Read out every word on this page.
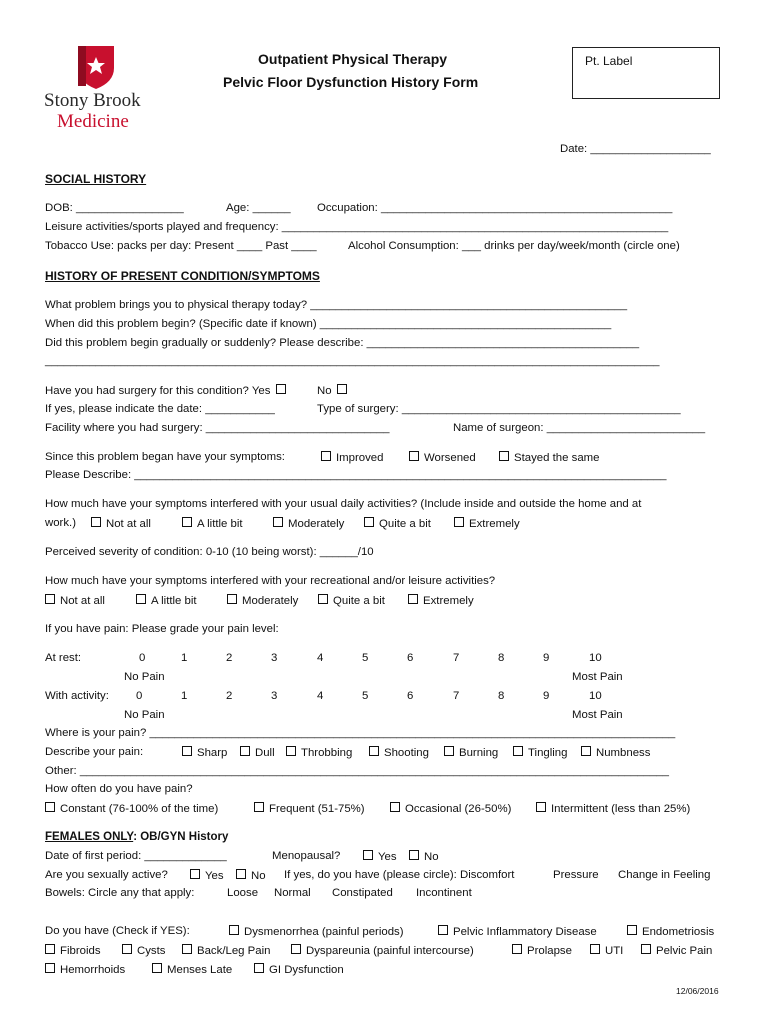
Stony Brook
Medicine
Outpatient Physical Therapy
Pelvic Floor Dysfunction History Form
Pt. Label
Date: ___________________
SOCIAL HISTORY
DOB: _________________	Age: ______ Occupation: ______________________________________________
Leisure activities/sports played and frequency: _____________________________________________________________
Tobacco Use: packs per day: Present ____ Past ____	Alcohol Consumption: ___ drinks per day/week/month (circle one)
HISTORY OF PRESENT CONDITION/SYMPTOMS
What problem brings you to physical therapy today? __________________________________________________
When did this problem begin? (Specific date if known) ______________________________________________
Did this problem begin gradually or suddenly? Please describe: ___________________________________________
_________________________________________________________________________________________________
Have you had surgery for this condition? Yes	No
If yes, please indicate the date: ___________	Type of surgery: ____________________________________________
Facility where you had surgery: _____________________________	Name of surgeon: _________________________
Since this problem began have your symptoms:	Improved	Worsened	Stayed the same
Please Describe: ____________________________________________________________________________________
How much have your symptoms interfered with your usual daily activities? (Include inside and outside the home and at
work.)	Not at all	A little bit	Moderately	Quite a bit	Extremely
Perceived severity of condition: 0-10 (10 being worst): ______/10
How much have your symptoms interfered with your recreational and/or leisure activities?
Not at all	A little bit	Moderately	Quite a bit	Extremely
If you have pain: Please grade your pain level:
At rest:	0	1	2	3	4	5	6	7	8	9	10
No Pain	Most Pain
With activity: 0	1	2	3	4	5	6	7	8	9	10
No Pain	Most Pain
Where is your pain? ___________________________________________________________________________________
Describe your pain:	Sharp	Dull	Throbbing	Shooting	Burning	Tingling	Numbness
Other: _____________________________________________________________________________________________
How often do you have pain?
Constant (76-100% of the time)	Frequent (51-75%)	Occasional (26-50%)	Intermittent (less than 25%)
FEMALES ONLY: OB/GYN History
Date of first period: _____________	Menopausal?	Yes	No
Are you sexually active?	Yes	No If yes, do you have (please circle): Discomfort	Pressure Change in Feeling
Bowels: Circle any that apply:	Loose Normal Constipated Incontinent
Do you have (Check if YES):	Dysmenorrhea (painful periods)	Pelvic Inflammatory Disease	Endometriosis
Fibroids	Cysts	Back/Leg Pain	Dyspareunia (painful intercourse)	Prolapse	UTI	Pelvic Pain
Hemorrhoids	Menses Late	GI Dysfunction
12/06/2016
